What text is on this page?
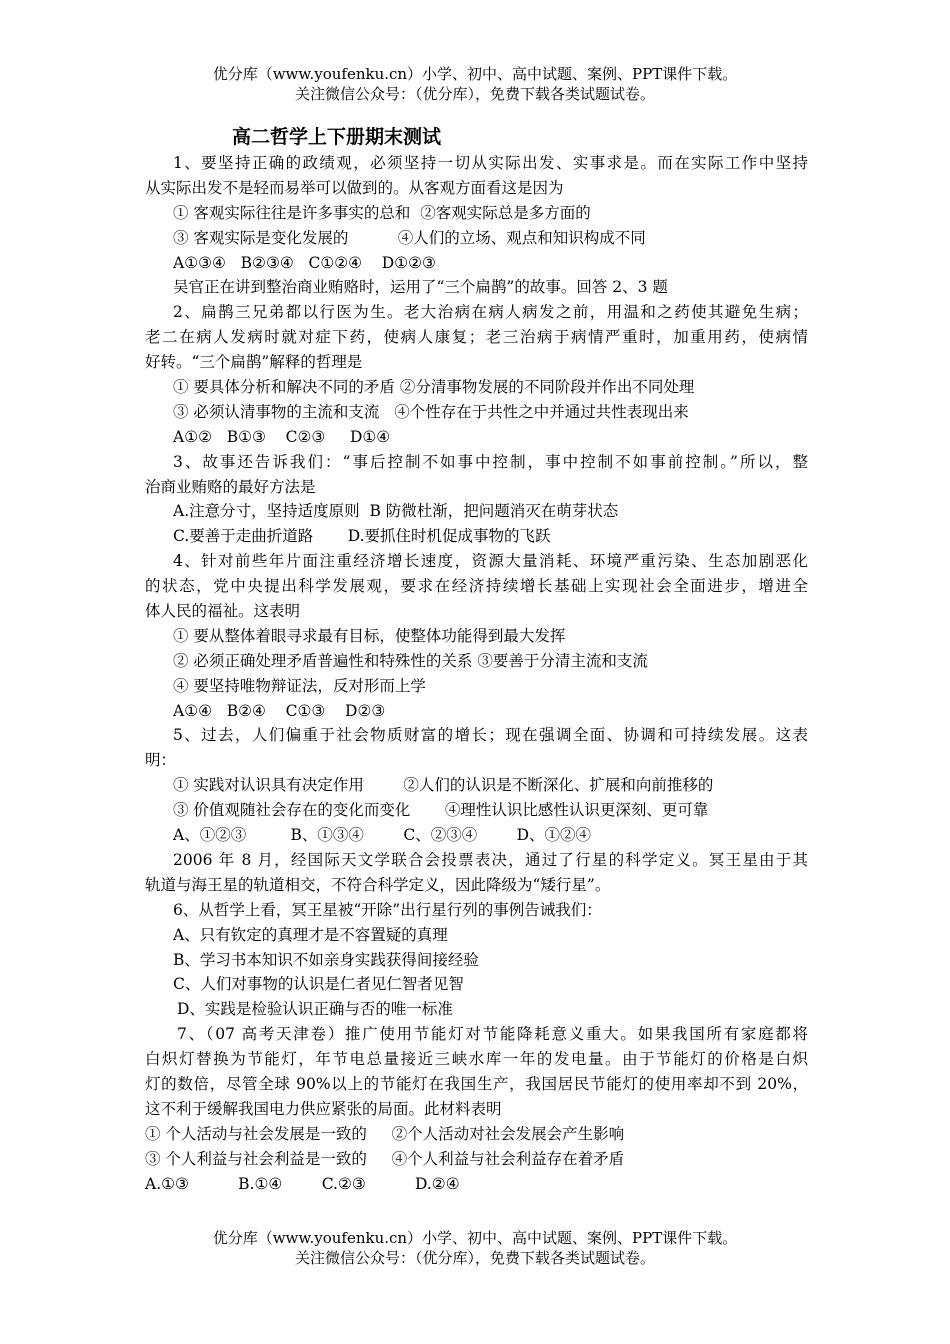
优分库（www.youfenku.cn）小学、初中、高中试题、案例、PPT课件下载。
关注微信公众号：（优分库），免费下载各类试题试卷。
高二哲学上下册期末测试
1、要坚持正确的政绩观，必须坚持一切从实际出发、实事求是。而在实际工作中坚持
从实际出发不是轻而易举可以做到的。从客观方面看这是因为
① 客观实际往往是许多事实的总和  ②客观实际总是多方面的
③ 客观实际是变化发展的          ④人们的立场、观点和知识构成不同
A①③④   B②③④   C①②④    D①②③
吴官正在讲到整治商业贿赂时，运用了“三个扁鹊”的故事。回答 2、3 题
2、扁鹊三兄弟都以行医为生。老大治病在病人病发之前，用温和之药使其避免生病；
老二在病人发病时就对症下药，使病人康复；老三治病于病情严重时，加重用药，使病情
好转。“三个扁鹊”解释的哲理是
① 要具体分析和解决不同的矛盾 ②分清事物发展的不同阶段并作出不同处理
③ 必须认清事物的主流和支流   ④个性存在于共性之中并通过共性表现出来
A①②   B①③    C②③     D①④
3、故事还告诉我们：“事后控制不如事中控制，事中控制不如事前控制。”所以，整
治商业贿赂的最好方法是
A.注意分寸，坚持适度原则  B 防微杜渐，把问题消灭在萌芽状态
C.要善于走曲折道路       D.要抓住时机促成事物的飞跃
4、针对前些年片面注重经济增长速度，资源大量消耗、环境严重污染、生态加剧恶化
的状态，党中央提出科学发展观，要求在经济持续增长基础上实现社会全面进步，增进全
体人民的福祉。这表明
① 要从整体着眼寻求最有目标，使整体功能得到最大发挥
② 必须正确处理矛盾普遍性和特殊性的关系 ③要善于分清主流和支流
④ 要坚持唯物辩证法，反对形而上学
A①④   B②④    C①③    D②③
5、过去，人们偏重于社会物质财富的增长；现在强调全面、协调和可持续发展。这表
明：
① 实践对认识具有决定作用        ②人们的认识是不断深化、扩展和向前推移的
③ 价值观随社会存在的变化而变化       ④理性认识比感性认识更深刻、更可靠
A、①②③         B、①③④        C、②③④        D、①②④
2006 年 8 月，经国际天文学联合会投票表决，通过了行星的科学定义。冥王星由于其
轨道与海王星的轨道相交，不符合科学定义，因此降级为“矮行星”。
6、从哲学上看，冥王星被“开除”出行星行列的事例告诫我们：
A、只有钦定的真理才是不容置疑的真理
B、学习书本知识不如亲身实践获得间接经验
C、人们对事物的认识是仁者见仁智者见智
D、实践是检验认识正确与否的唯一标准
7、（07 高考天津卷）推广使用节能灯对节能降耗意义重大。如果我国所有家庭都将
白炽灯替换为节能灯，年节电总量接近三峡水库一年的发电量。由于节能灯的价格是白炽
灯的数倍，尽管全球 90%以上的节能灯在我国生产，我国居民节能灯的使用率却不到 20%，
这不利于缓解我国电力供应紧张的局面。此材料表明
① 个人活动与社会发展是一致的     ②个人活动对社会发展会产生影响
③ 个人利益与社会利益是一致的     ④个人利益与社会利益存在着矛盾
A.①③          B.①④        C.②③          D.②④
优分库（www.youfenku.cn）小学、初中、高中试题、案例、PPT课件下载。
关注微信公众号：（优分库），免费下载各类试题试卷。
